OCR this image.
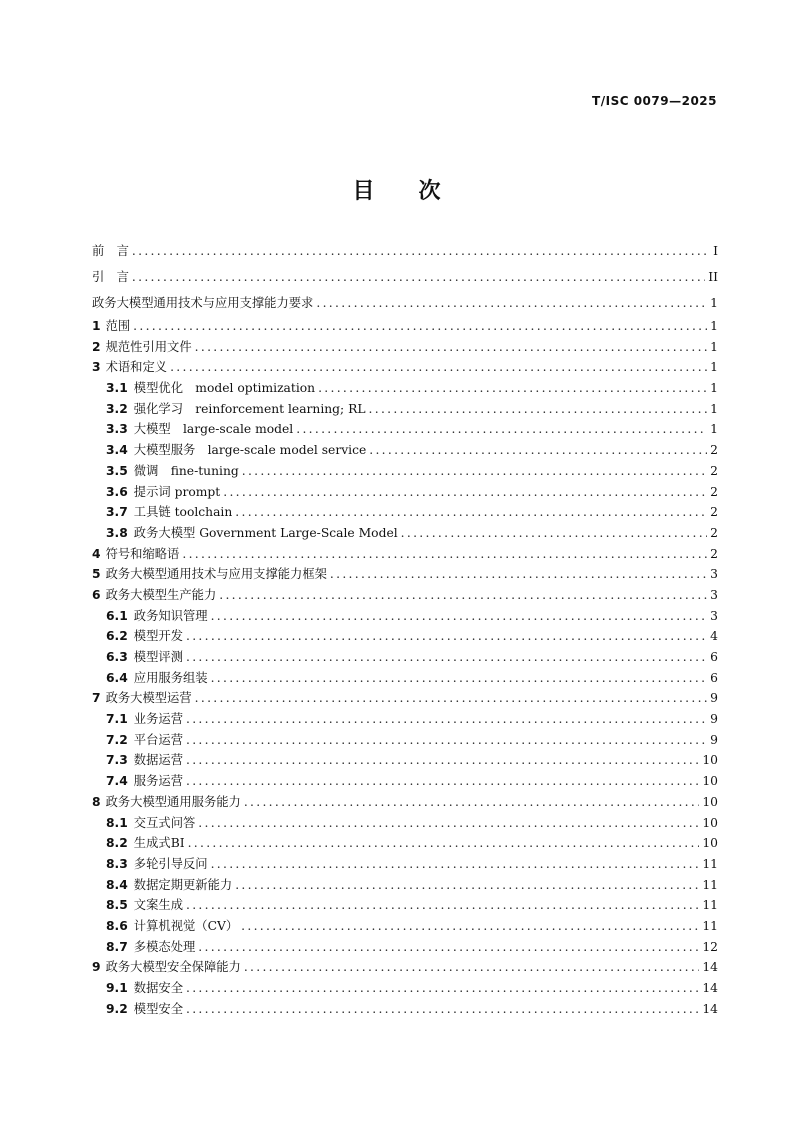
T/ISC 0079—2025
目 次
前　言 .....	I
引　言 .....	II
政务大模型通用技术与应用支撑能力要求 .....	1
1 范围 .....	1
2 规范性引用文件 .....	1
3 术语和定义 .....	1
3.1 模型优化　model optimization .....	1
3.2 强化学习　reinforcement learning; RL .....	1
3.3 大模型　large-scale model .....	1
3.4 大模型服务　large-scale model service .....	2
3.5 微调　fine-tuning .....	2
3.6 提示词 prompt .....	2
3.7 工具链 toolchain .....	2
3.8 政务大模型 Government Large-Scale Model .....	2
4 符号和缩略语 .....	2
5 政务大模型通用技术与应用支撑能力框架 .....	3
6 政务大模型生产能力 .....	3
6.1 政务知识管理 .....	3
6.2 模型开发 .....	4
6.3 模型评测 .....	6
6.4 应用服务组装 .....	6
7 政务大模型运营 .....	9
7.1 业务运营 .....	9
7.2 平台运营 .....	9
7.3 数据运营 .....	10
7.4 服务运营 .....	10
8 政务大模型通用服务能力 .....	10
8.1 交互式问答 .....	10
8.2 生成式BI .....	10
8.3 多轮引导反问 .....	11
8.4 数据定期更新能力 .....	11
8.5 文案生成 .....	11
8.6 计算机视觉（CV） .....	11
8.7 多模态处理 .....	12
9 政务大模型安全保障能力 .....	14
9.1 数据安全 .....	14
9.2 模型安全 .....	14
